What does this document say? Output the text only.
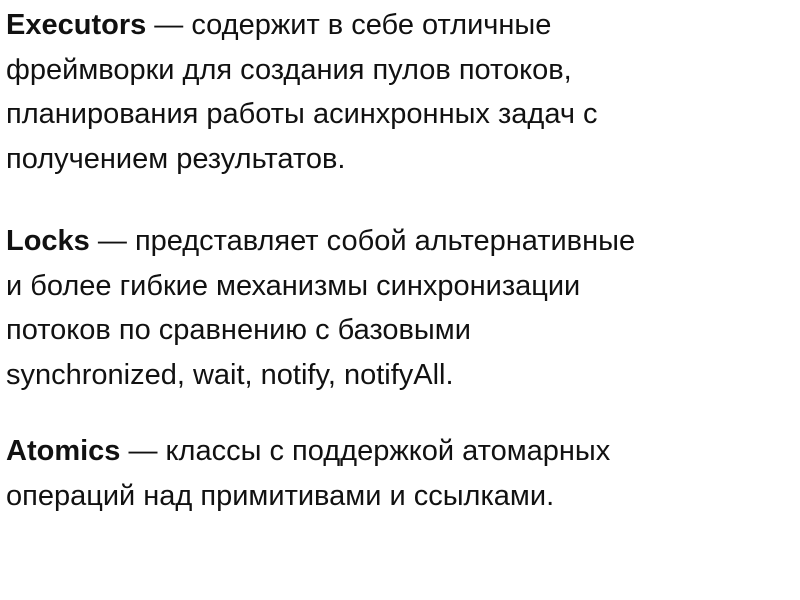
Executors — содержит в себе отличные
фреймворки для создания пулов потоков,
планирования работы асинхронных задач с
получением результатов.
Locks — представляет собой альтернативные
и более гибкие механизмы синхронизации
потоков по сравнению с базовыми
synchronized, wait, notify, notifyAll.
Atomics — классы с поддержкой атомарных
операций над примитивами и ссылками.
